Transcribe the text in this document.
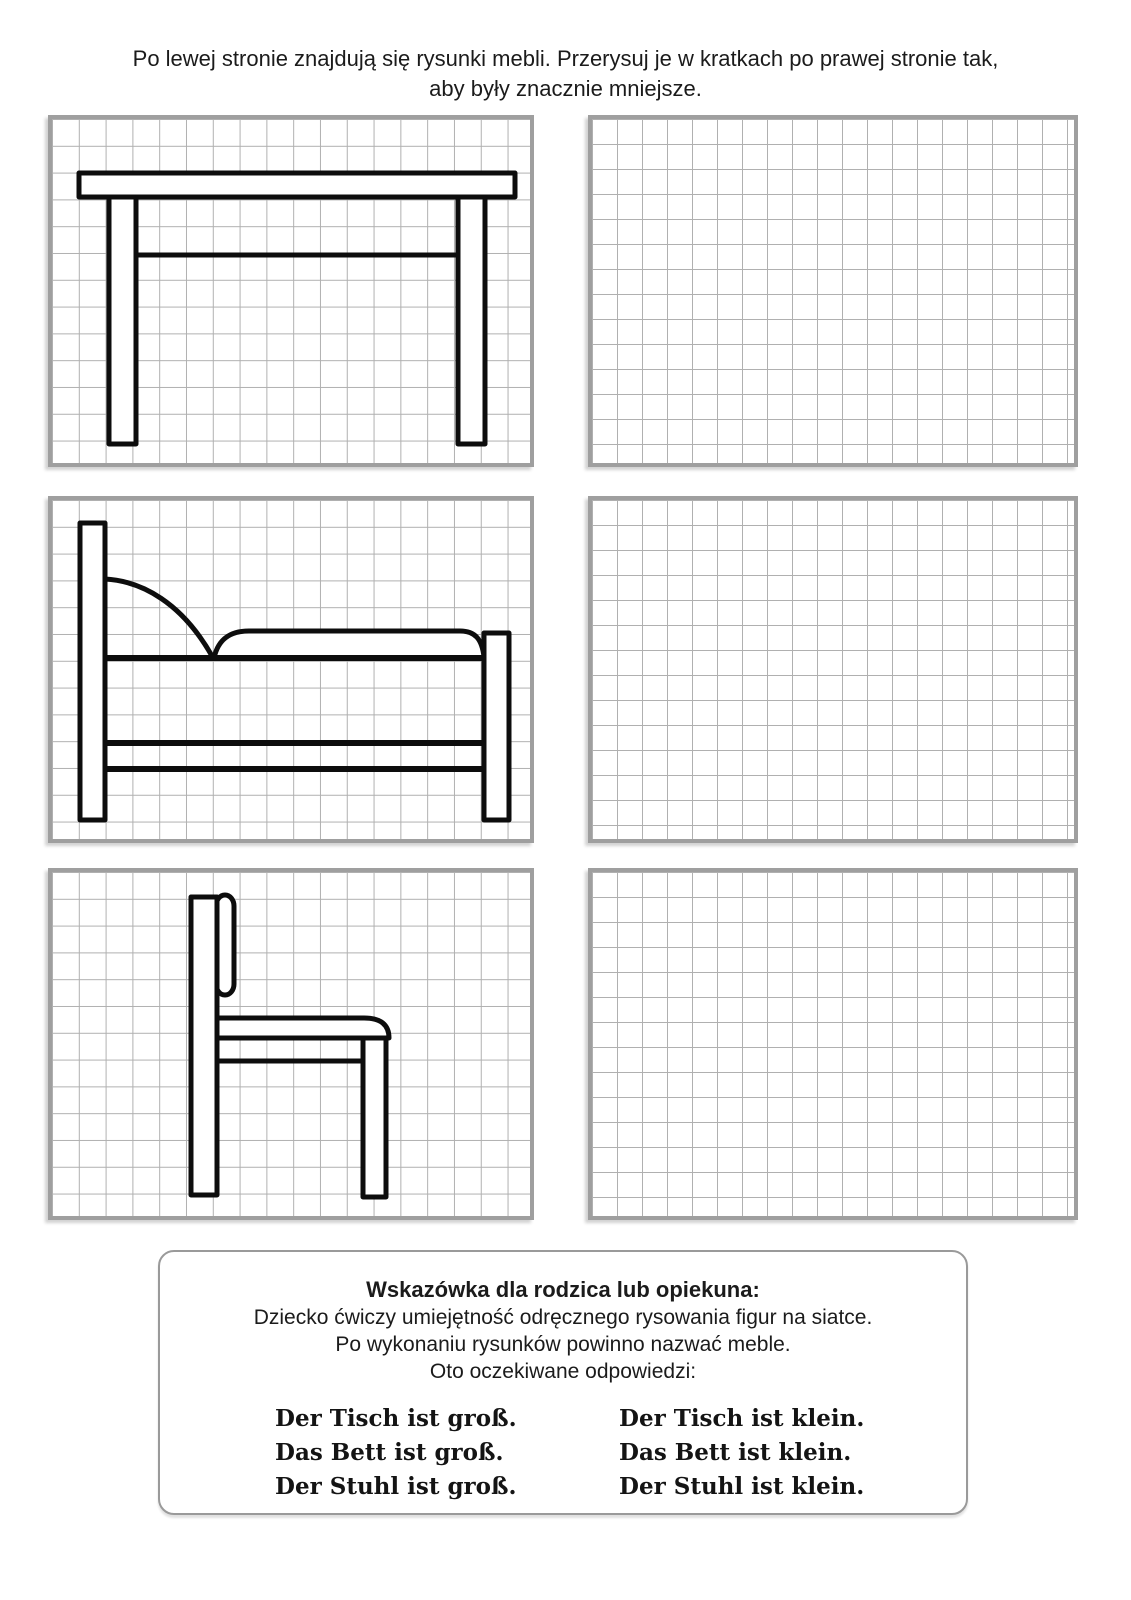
Po lewej stronie znajdują się rysunki mebli. Przerysuj je w kratkach po prawej stronie tak,
aby były znacznie mniejsze.
Wskazówka dla rodzica lub opiekuna:
Dziecko ćwiczy umiejętność odręcznego rysowania figur na siatce.
Po wykonaniu rysunków powinno nazwać meble.
Oto oczekiwane odpowiedzi:
Der Tisch ist groß.
Das Bett ist groß.
Der Stuhl ist groß.
Der Tisch ist klein.
Das Bett ist klein.
Der Stuhl ist klein.
